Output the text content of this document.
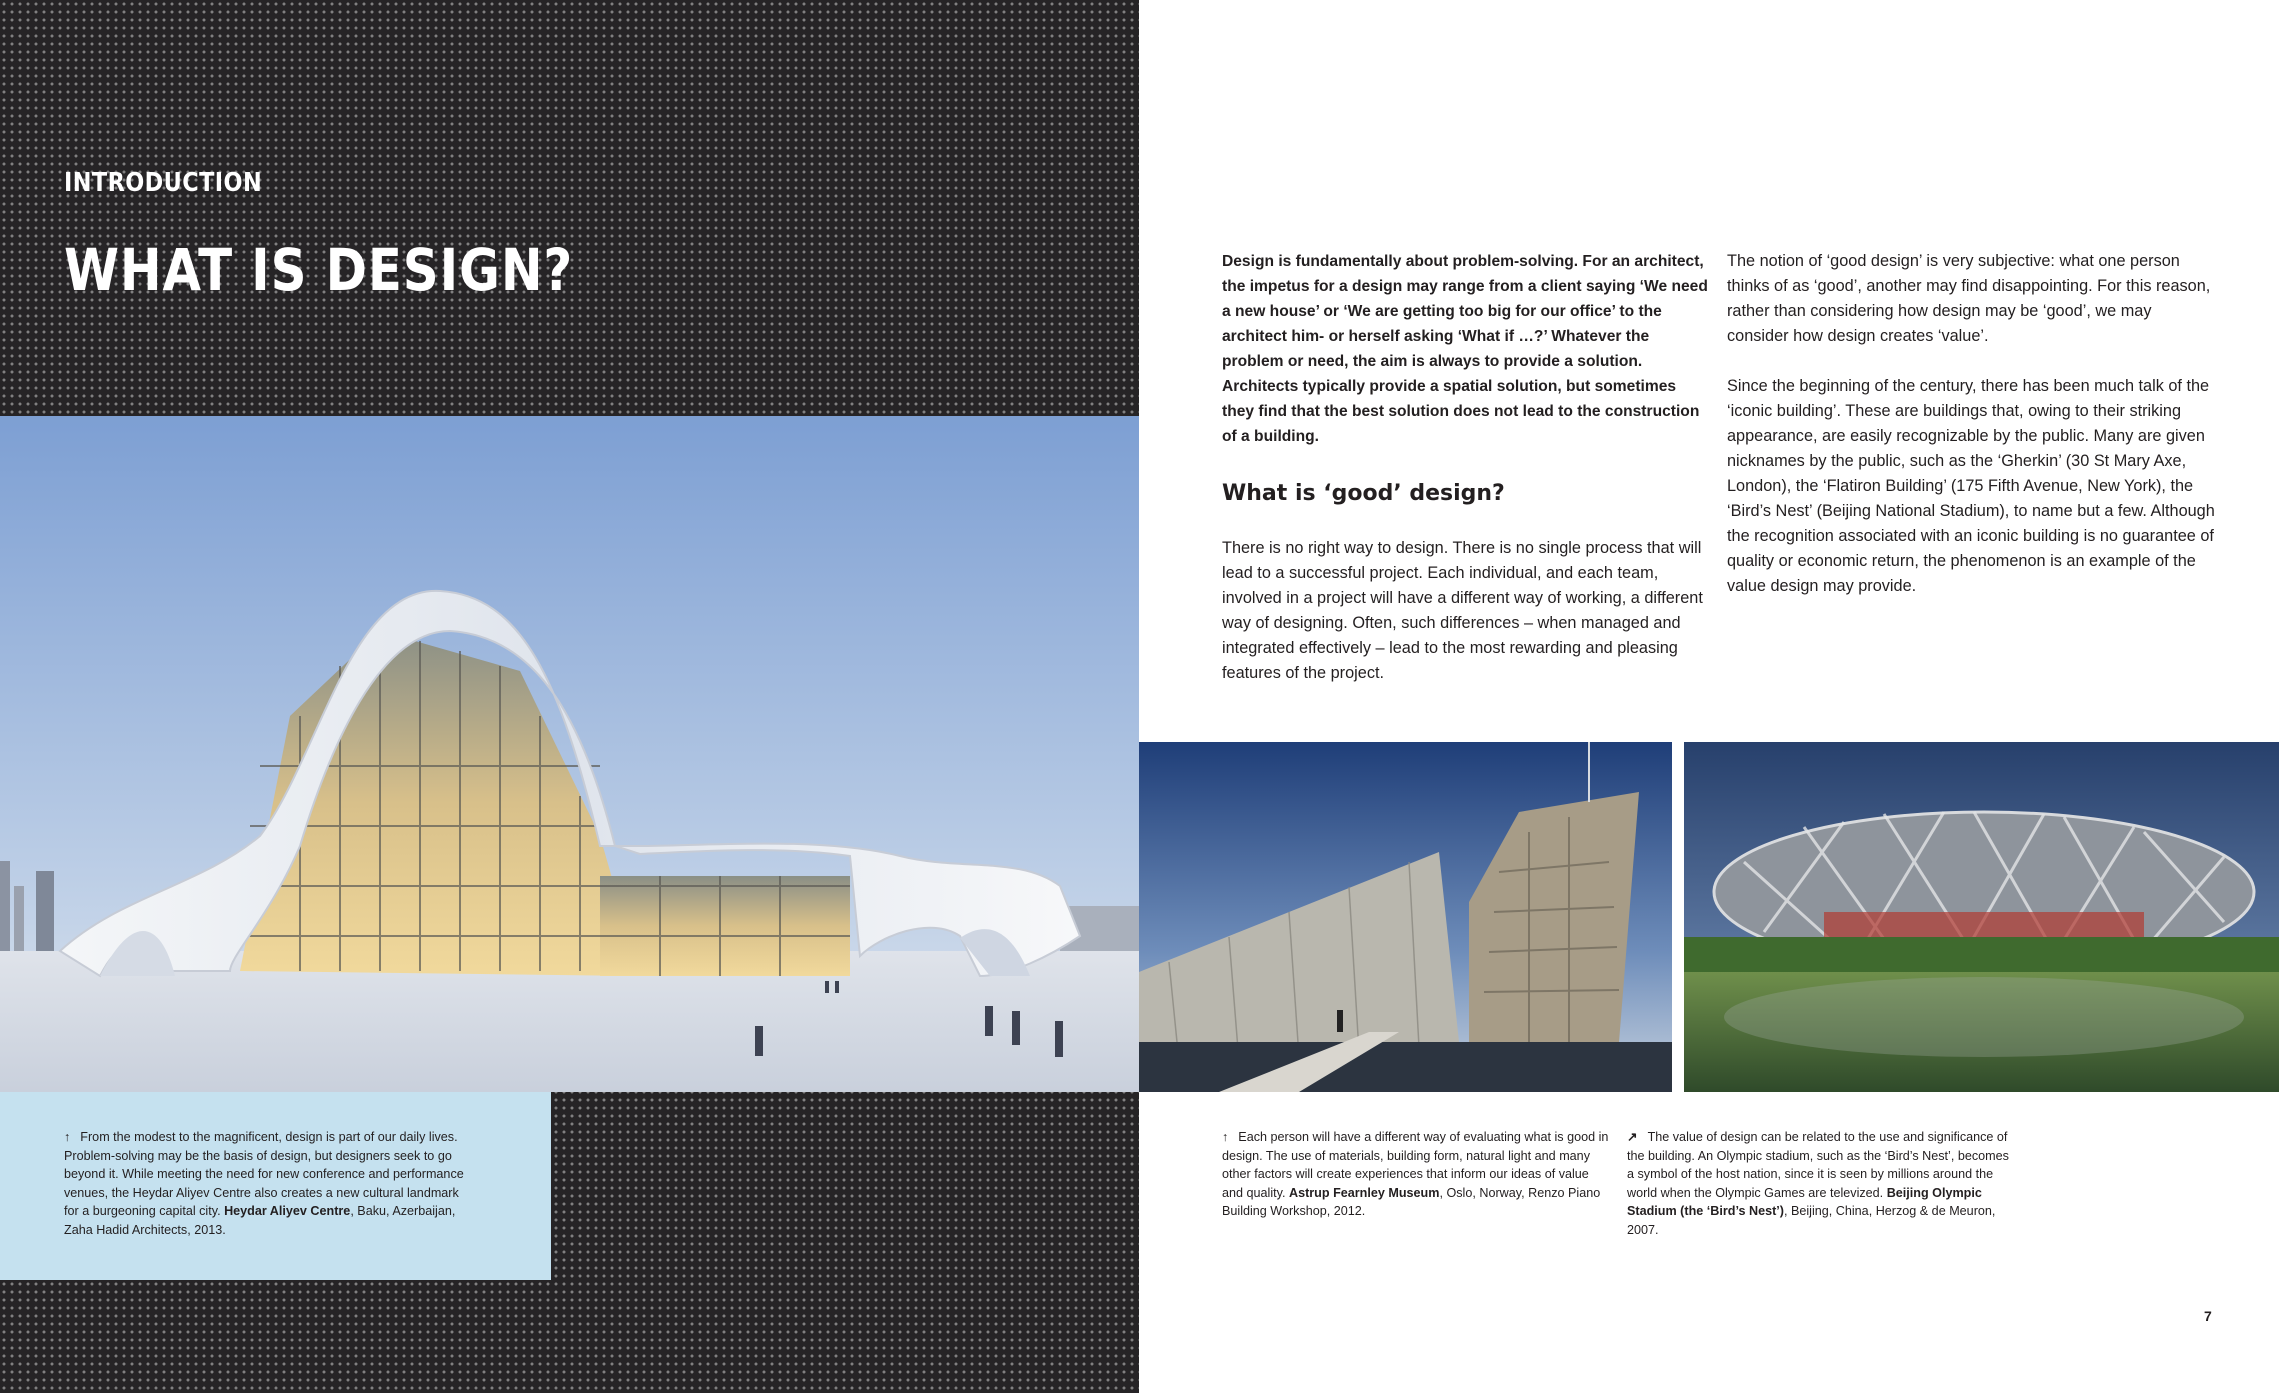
INTRODUCTION
WHAT IS DESIGN?

↑ From the modest to the magnificent, design is part of our daily lives. Problem-solving may be the basis of design, but designers seek to go beyond it. While meeting the need for new conference and performance venues, the Heydar Aliyev Centre also creates a new cultural landmark for a burgeoning capital city. Heydar Aliyev Centre, Baku, Azerbaijan, Zaha Hadid Architects, 2013.

Design is fundamentally about problem-solving. For an architect, the impetus for a design may range from a client saying ‘We need a new house’ or ‘We are getting too big for our office’ to the architect him- or herself asking ‘What if …?’ Whatever the problem or need, the aim is always to provide a solution. Architects typically provide a spatial solution, but sometimes they find that the best solution does not lead to the construction of a building.

What is ‘good’ design?

There is no right way to design. There is no single process that will lead to a successful project. Each individual, and each team, involved in a project will have a different way of working, a different way of designing. Often, such differences – when managed and integrated effectively – lead to the most rewarding and pleasing features of the project.

The notion of ‘good design’ is very subjective: what one person thinks of as ‘good’, another may find disappointing. For this reason, rather than considering how design may be ‘good’, we may consider how design creates ‘value’.

Since the beginning of the century, there has been much talk of the ‘iconic building’. These are buildings that, owing to their striking appearance, are easily recognizable by the public. Many are given nicknames by the public, such as the ‘Gherkin’ (30 St Mary Axe, London), the ‘Flatiron Building’ (175 Fifth Avenue, New York), the ‘Bird’s Nest’ (Beijing National Stadium), to name but a few. Although the recognition associated with an iconic building is no guarantee of quality or economic return, the phenomenon is an example of the value design may provide.

↑ Each person will have a different way of evaluating what is good in design. The use of materials, building form, natural light and many other factors will create experiences that inform our ideas of value and quality. Astrup Fearnley Museum, Oslo, Norway, Renzo Piano Building Workshop, 2012.

↗ The value of design can be related to the use and significance of the building. An Olympic stadium, such as the ‘Bird’s Nest’, becomes a symbol of the host nation, since it is seen by millions around the world when the Olympic Games are televized. Beijing Olympic Stadium (the ‘Bird’s Nest’), Beijing, China, Herzog & de Meuron, 2007.

7
